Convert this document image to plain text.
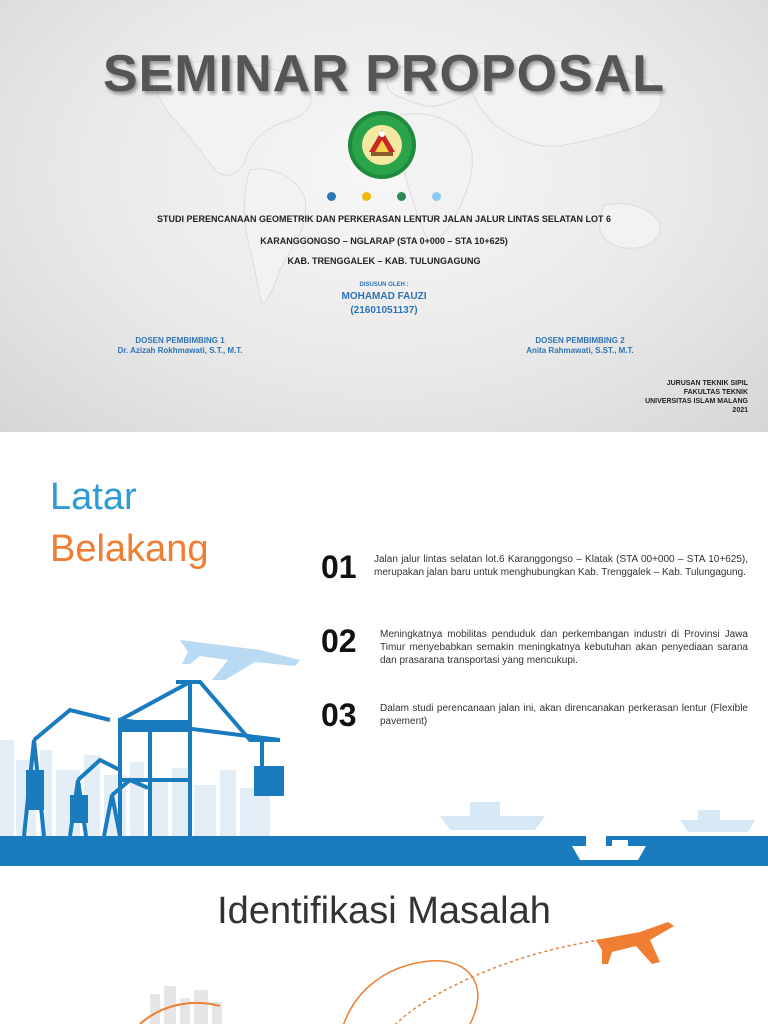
SEMINAR PROPOSAL
STUDI PERENCANAAN GEOMETRIK DAN PERKERASAN LENTUR JALAN JALUR LINTAS SELATAN LOT 6
KARANGGONGSO – NGLARAP (STA 0+000 – STA 10+625)
KAB. TRENGGALEK – KAB. TULUNGAGUNG
DISUSUN OLEH :
MOHAMAD FAUZI
(21601051137)
DOSEN PEMBIMBING 1
Dr. Azizah Rokhmawati, S.T., M.T.
DOSEN PEMBIMBING 2
Anita Rahmawati, S.ST., M.T.
JURUSAN TEKNIK SIPIL
FAKULTAS TEKNIK
UNIVERSITAS ISLAM MALANG
2021
Latar
Belakang	01 Jalan jalur lintas selatan lot.6 Karanggongso – Klatak (STA 00+000 – STA 10+625), merupakan jalan baru untuk menghubungkan Kab. Trenggalek – Kab. Tulungagung.
02 Meningkatnya mobilitas penduduk dan perkembangan industri di Provinsi Jawa Timur menyebabkan semakin meningkatnya kebutuhan akan penyediaan sarana dan prasarana transportasi yang mencukupi.
03 Dalam studi perencanaan jalan ini, akan direncanakan perkerasan lentur (Flexible pavement)
Identifikasi Masalah
